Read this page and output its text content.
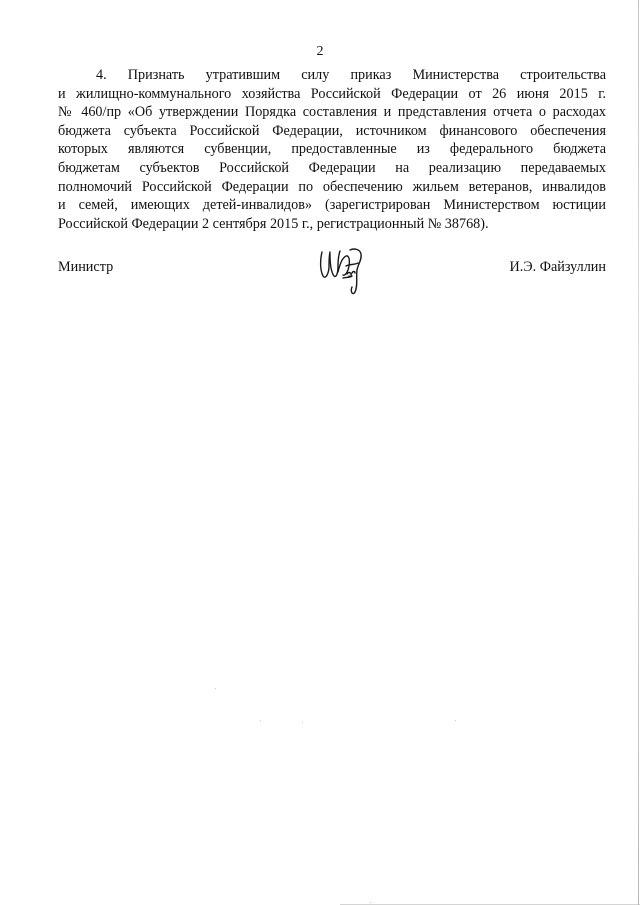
2
4. Признать утратившим силу приказ Министерства строительства
и жилищно-коммунального хозяйства Российской Федерации от 26 июня 2015 г.
№ 460/пр «Об утверждении Порядка составления и представления отчета о расходах
бюджета субъекта Российской Федерации, источником финансового обеспечения
которых являются субвенции, предоставленные из федерального бюджета
бюджетам субъектов Российской Федерации на реализацию передаваемых
полномочий Российской Федерации по обеспечению жильем ветеранов, инвалидов
и семей, имеющих детей-инвалидов» (зарегистрирован Министерством юстиции
Российской Федерации 2 сентября 2015 г., регистрационный № 38768).
Министр	И.Э. Файзуллин
